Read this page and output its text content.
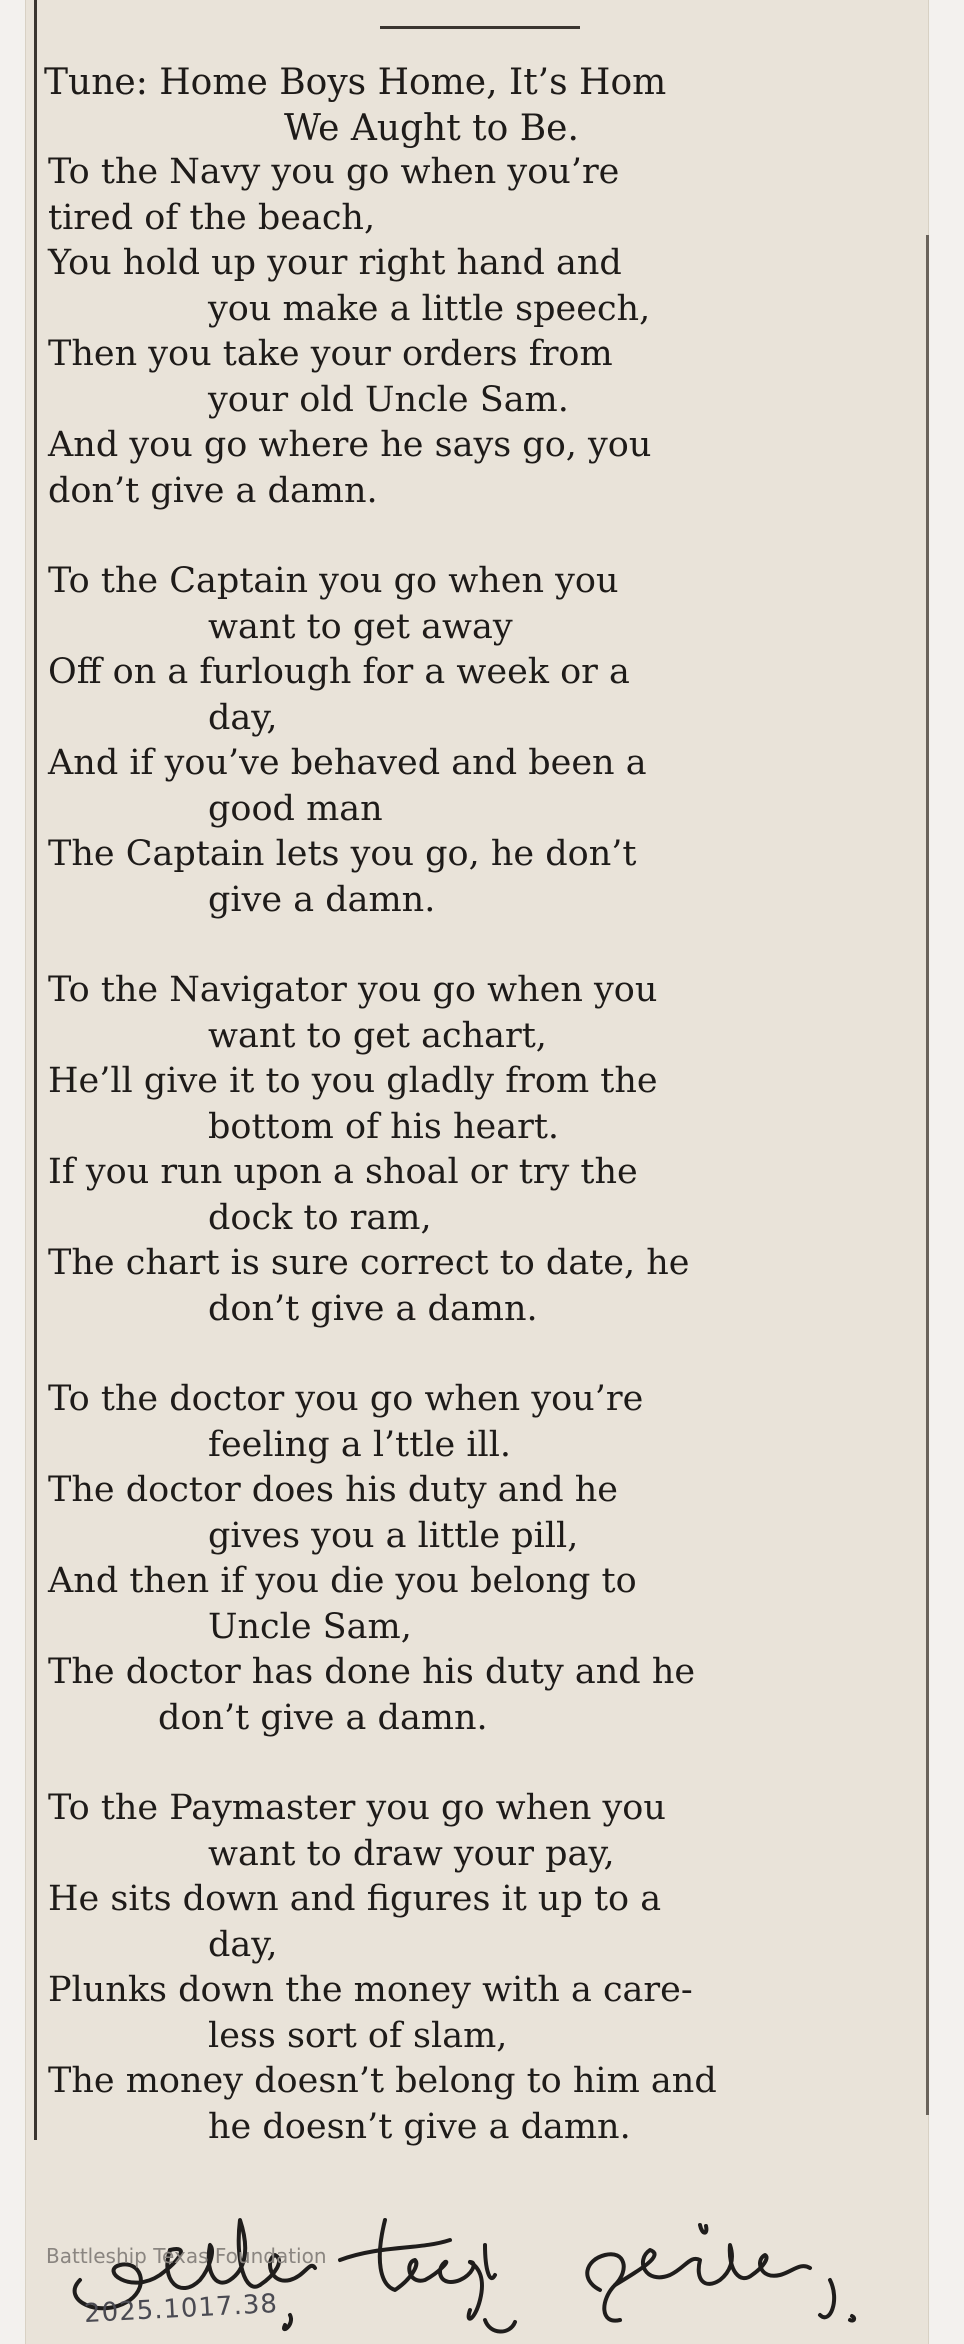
Tune: Home Boys Home, It’s Hom
We Aught to Be.
To the Navy you go when you’re
tired of the beach,
You hold up your right hand and
you make a little speech,
Then you take your orders from
your old Uncle Sam.
And you go where he says go, you
don’t give a damn.
To the Captain you go when you
want to get away
Off on a furlough for a week or a
day,
And if you’ve behaved and been a
good man
The Captain lets you go, he don’t
give a damn.
To the Navigator you go when you
want to get achart,
He’ll give it to you gladly from the
bottom of his heart.
If you run upon a shoal or try the
dock to ram,
The chart is sure correct to date, he
don’t give a damn.
To the doctor you go when you’re
feeling a l’ttle ill.
The doctor does his duty and he
gives you a little pill,
And then if you die you belong to
Uncle Sam,
The doctor has done his duty and he
don’t give a damn.
To the Paymaster you go when you
want to draw your pay,
He sits down and figures it up to a
day,
Plunks down the money with a care-
less sort of slam,
The money doesn’t belong to him and
he doesn’t give a damn.
Battleship Texas Foundation
2025.1017.38
